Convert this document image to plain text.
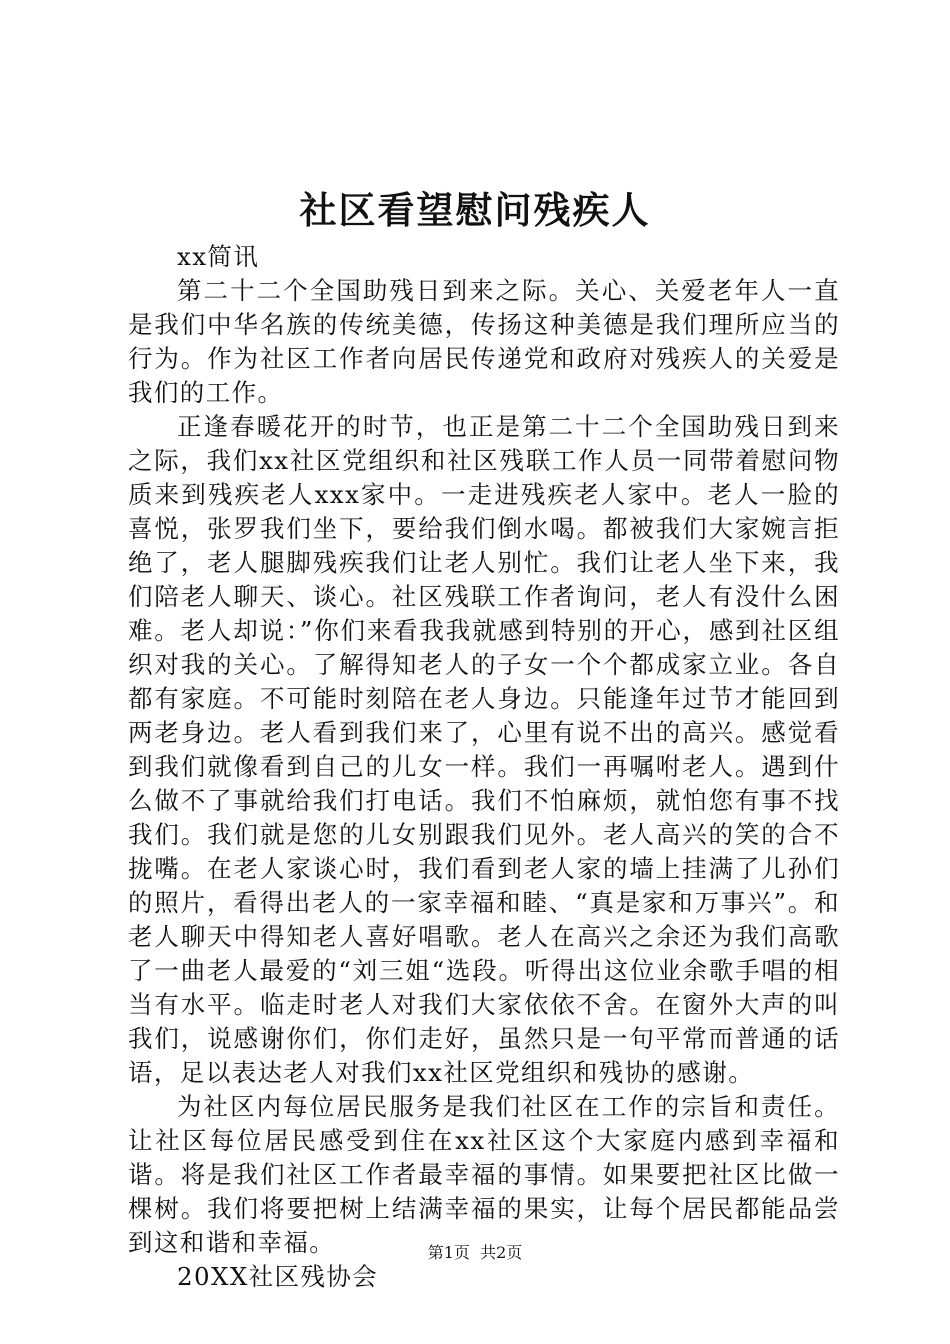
社区看望慰问残疾人

xx简讯

第二十二个全国助残日到来之际。关心、关爱老年人一直是我们中华名族的传统美德，传扬这种美德是我们理所应当的行为。作为社区工作者向居民传递党和政府对残疾人的关爱是我们的工作。

正逢春暖花开的时节，也正是第二十二个全国助残日到来之际，我们xx社区党组织和社区残联工作人员一同带着慰问物质来到残疾老人xxx家中。一走进残疾老人家中。老人一脸的喜悦，张罗我们坐下，要给我们倒水喝。都被我们大家婉言拒绝了，老人腿脚残疾我们让老人别忙。我们让老人坐下来，我们陪老人聊天、谈心。社区残联工作者询问，老人有没什么困难。老人却说：”你们来看我我就感到特别的开心，感到社区组织对我的关心。了解得知老人的子女一个个都成家立业。各自都有家庭。不可能时刻陪在老人身边。只能逢年过节才能回到两老身边。老人看到我们来了，心里有说不出的高兴。感觉看到我们就像看到自己的儿女一样。我们一再嘱咐老人。遇到什么做不了事就给我们打电话。我们不怕麻烦，就怕您有事不找我们。我们就是您的儿女别跟我们见外。老人高兴的笑的合不拢嘴。在老人家谈心时，我们看到老人家的墙上挂满了儿孙们的照片，看得出老人的一家幸福和睦、“真是家和万事兴”。和老人聊天中得知老人喜好唱歌。老人在高兴之余还为我们高歌了一曲老人最爱的“刘三姐“选段。听得出这位业余歌手唱的相当有水平。临走时老人对我们大家依依不舍。在窗外大声的叫我们，说感谢你们，你们走好，虽然只是一句平常而普通的话语，足以表达老人对我们xx社区党组织和残协的感谢。

为社区内每位居民服务是我们社区在工作的宗旨和责任。让社区每位居民感受到住在xx社区这个大家庭内感到幸福和谐。将是我们社区工作者最幸福的事情。如果要把社区比做一棵树。我们将要把树上结满幸福的果实，让每个居民都能品尝到这和谐和幸福。

20XX社区残协会

第1页 共2页
